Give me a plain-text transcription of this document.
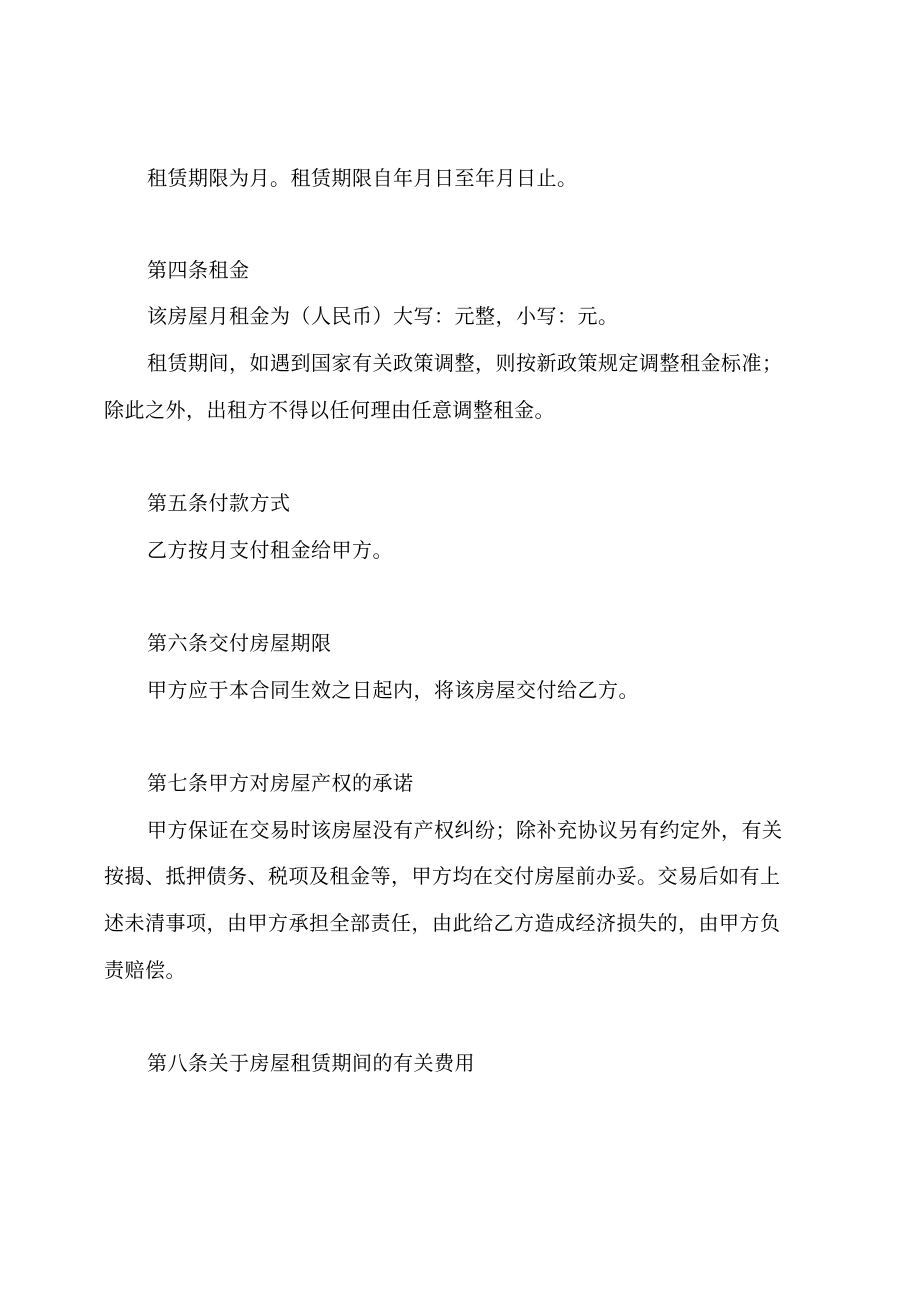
租赁期限为月。租赁期限自年月日至年月日止。
第四条租金
该房屋月租金为（人民币）大写：元整，小写：元。
租赁期间，如遇到国家有关政策调整，则按新政策规定调整租金标准；
除此之外，出租方不得以任何理由任意调整租金。
第五条付款方式
乙方按月支付租金给甲方。
第六条交付房屋期限
甲方应于本合同生效之日起内，将该房屋交付给乙方。
第七条甲方对房屋产权的承诺
甲方保证在交易时该房屋没有产权纠纷；除补充协议另有约定外，有关
按揭、抵押债务、税项及租金等，甲方均在交付房屋前办妥。交易后如有上
述未清事项，由甲方承担全部责任，由此给乙方造成经济损失的，由甲方负
责赔偿。
第八条关于房屋租赁期间的有关费用
